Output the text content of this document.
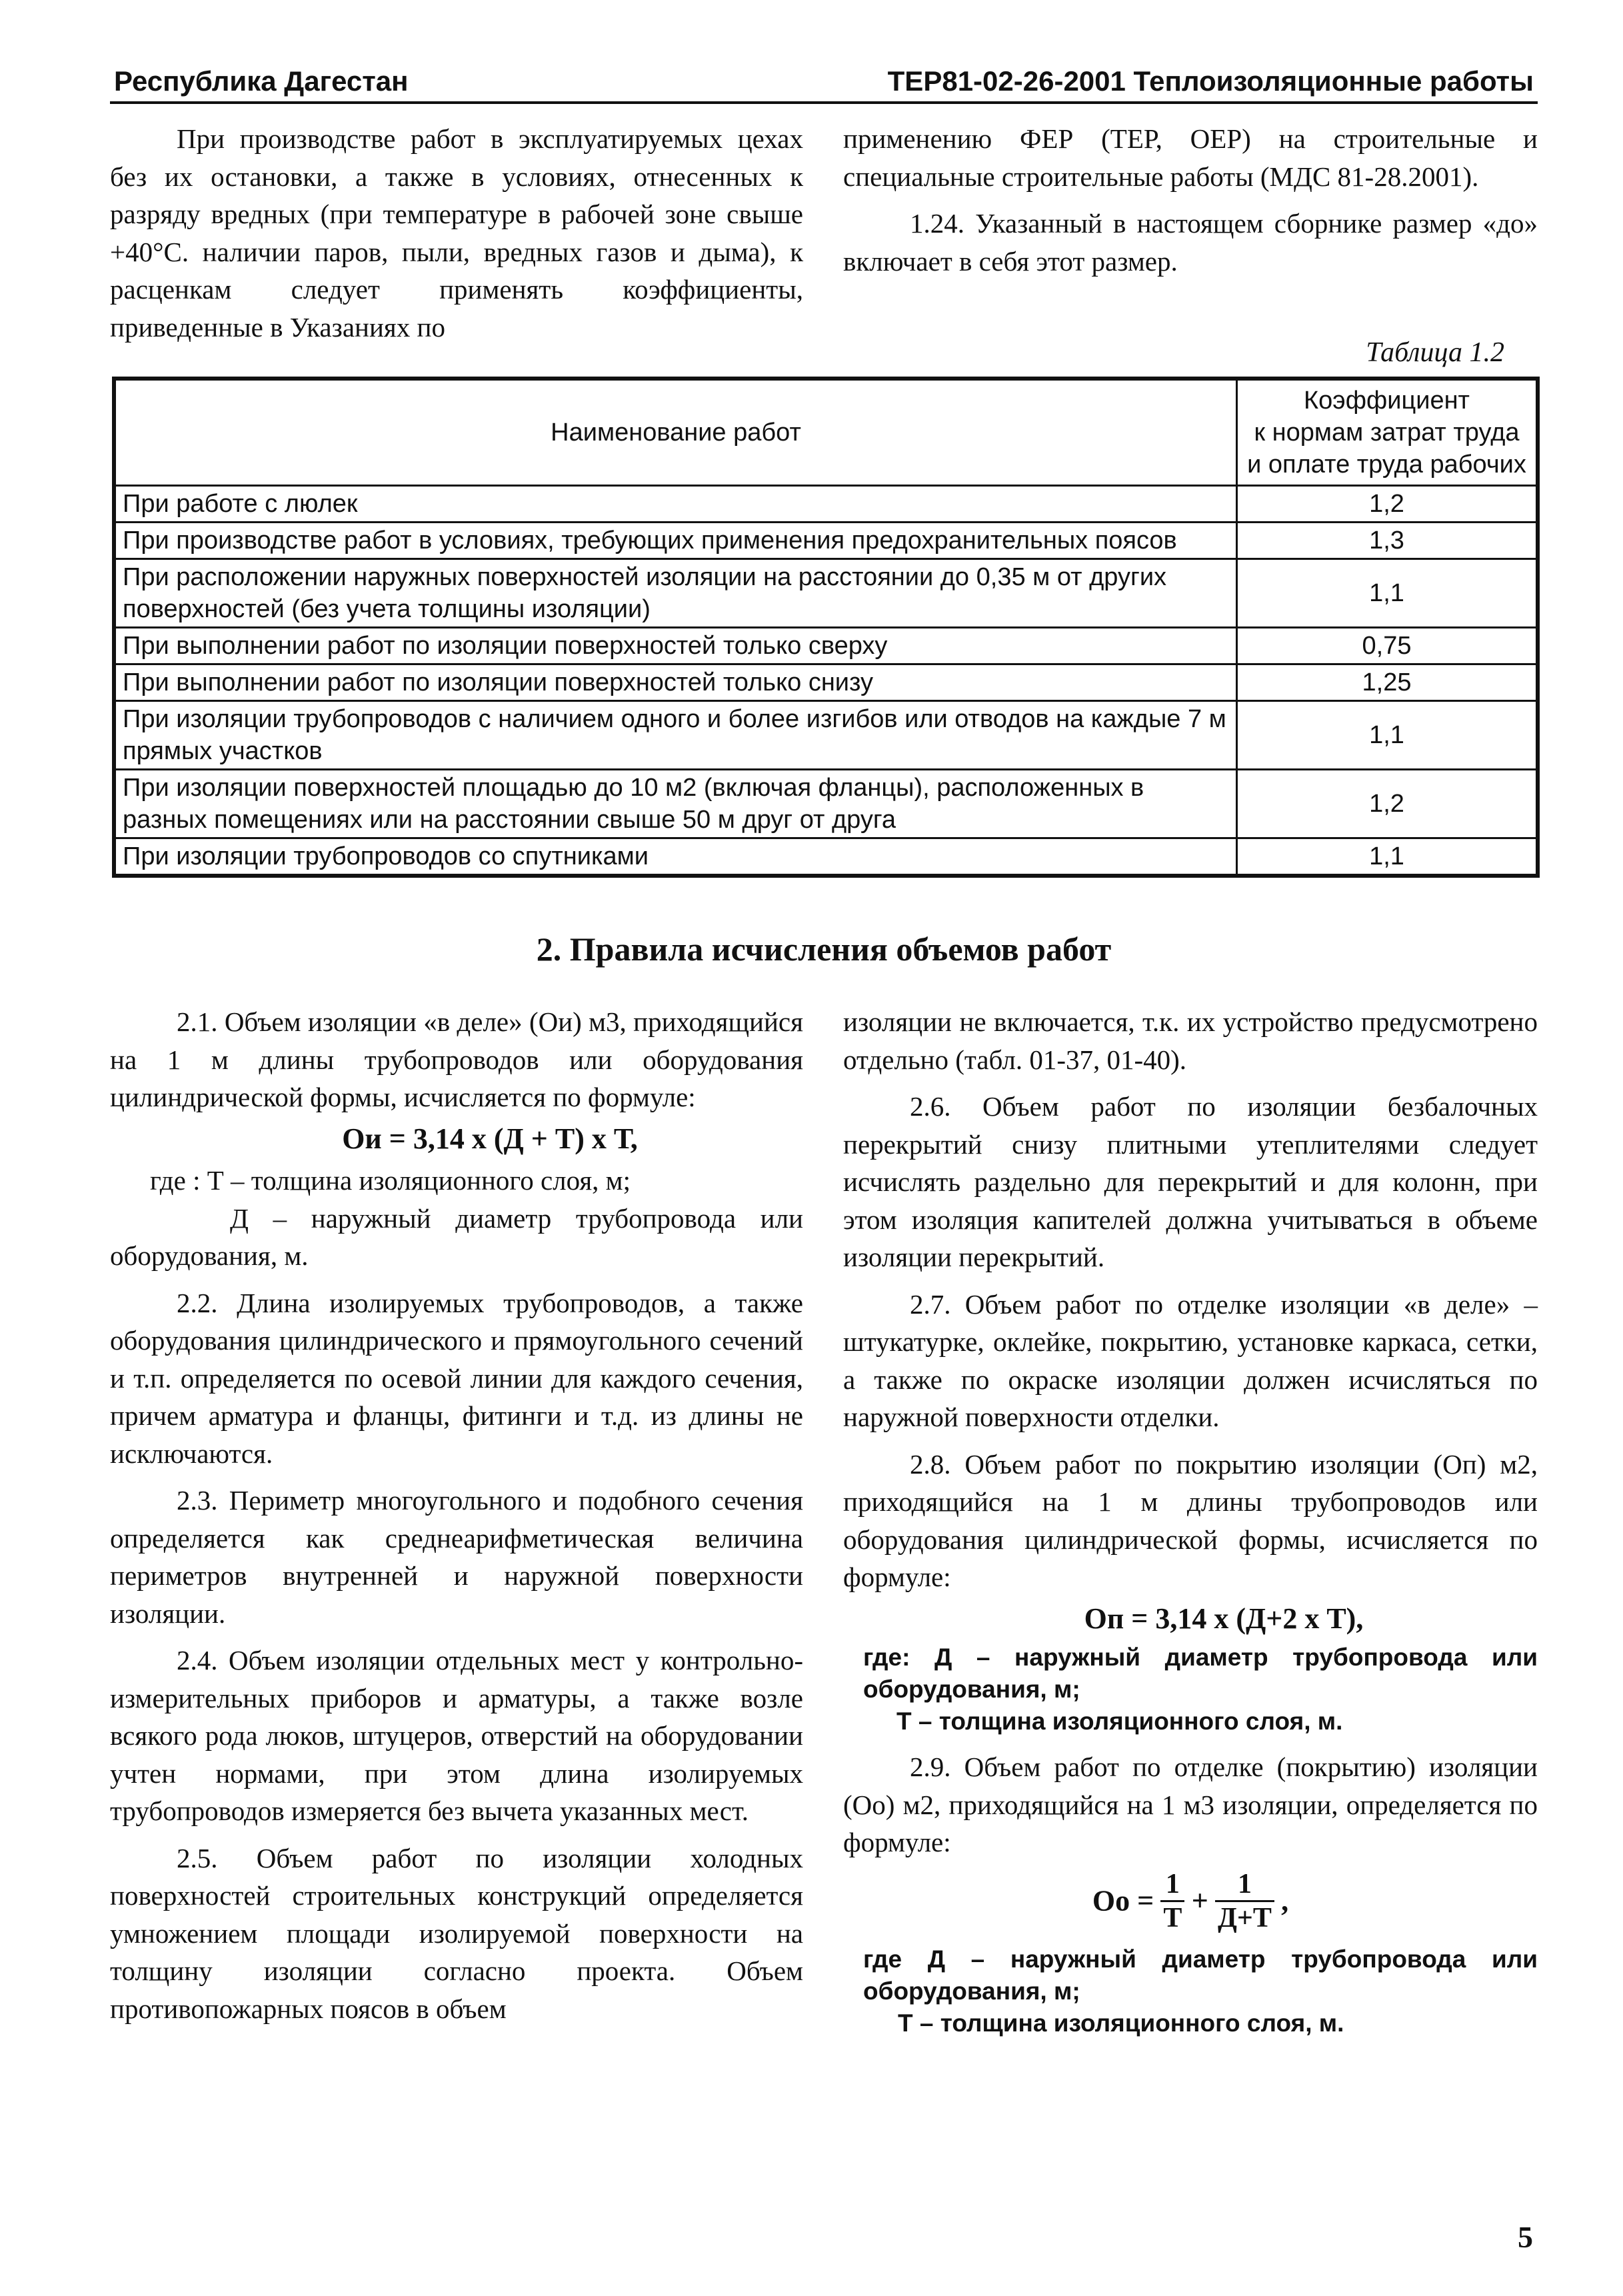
Республика Дагестан	ТЕР81-02-26-2001 Теплоизоляционные работы

При производстве работ в эксплуатируемых цехах без их остановки, а также в условиях, отнесенных к разряду вредных (при температуре в рабочей зоне свыше +40°С. наличии паров, пыли, вредных газов и дыма), к расценкам следует применять коэффициенты, приведенные в Указаниях по

применению ФЕР (ТЕР, ОЕР) на строительные и специальные строительные работы (МДС 81-28.2001).

1.24. Указанный в настоящем сборнике размер «до» включает в себя этот размер.

Таблица 1.2
Наименование работ	Коэффициент
к нормам затрат труда
и оплате труда рабочих

При работе с люлек	1,2
При производстве работ в условиях, требующих применения предохранительных поясов	1,3
При расположении наружных поверхностей изоляции на расстоянии до 0,35 м от других поверхностей (без учета толщины изоляции)	1,1
При выполнении работ по изоляции поверхностей только сверху	0,75
При выполнении работ по изоляции поверхностей только снизу	1,25
При изоляции трубопроводов с наличием одного и более изгибов или отводов на каждые 7 м прямых участков	1,1
При изоляции поверхностей площадью до 10 м2 (включая фланцы), расположенных в разных помещениях или на расстоянии свыше 50 м друг от друга	1,2
При изоляции трубопроводов со спутниками	1,1
2. Правила исчисления объемов работ

2.1. Объем изоляции «в деле» (Ои) м3, приходящийся на 1 м длины трубопроводов или оборудования цилиндрической формы, исчисляется по формуле:

Ои = 3,14 х (Д + Т) х Т,

где : Т – толщина изоляционного слоя, м;

Д – наружный диаметр трубопровода или оборудования, м.

2.2. Длина изолируемых трубопроводов, а также оборудования цилиндрического и прямоугольного сечений и т.п. определяется по осевой линии для каждого сечения, причем арматура и фланцы, фитинги и т.д. из длины не исключаются.

2.3. Периметр многоугольного и подобного сечения определяется как среднеарифметическая величина периметров внутренней и наружной поверхности изоляции.

2.4. Объем изоляции отдельных мест у контрольно-измерительных приборов и арматуры, а также возле всякого рода люков, штуцеров, отверстий на оборудовании учтен нормами, при этом длина изолируемых трубопроводов измеряется без вычета указанных мест.

2.5. Объем работ по изоляции холодных поверхностей строительных конструкций определяется умножением площади изолируемой поверхности на толщину изоляции согласно проекта. Объем противопожарных поясов в объем

изоляции не включается, т.к. их устройство предусмотрено отдельно (табл. 01-37, 01-40).

2.6. Объем работ по изоляции безбалочных перекрытий снизу плитными утеплителями следует исчислять раздельно для перекрытий и для колонн, при этом изоляция капителей должна учитываться в объеме изоляции перекрытий.

2.7. Объем работ по отделке изоляции «в деле» – штукатурке, оклейке, покрытию, установке каркаса, сетки, а также по окраске изоляции должен исчисляться по наружной поверхности отделки.

2.8. Объем работ по покрытию изоляции (Оп) м2, приходящийся на 1 м длины трубопроводов или оборудования цилиндрической формы, исчисляется по формуле:

Оп = 3,14 х (Д+2 х Т),

где: Д – наружный диаметр трубопровода или оборудования, м;

Т – толщина изоляционного слоя, м.

2.9. Объем работ по отделке (покрытию) изоляции (Оо) м2, приходящийся на 1 м3 изоляции, определяется по формуле:

Оо = $\frac{1}{Т} + \frac{1}{Д+Т}$ ,

где Д – наружный диаметр трубопровода или оборудования, м;

Т – толщина изоляционного слоя, м.

5
